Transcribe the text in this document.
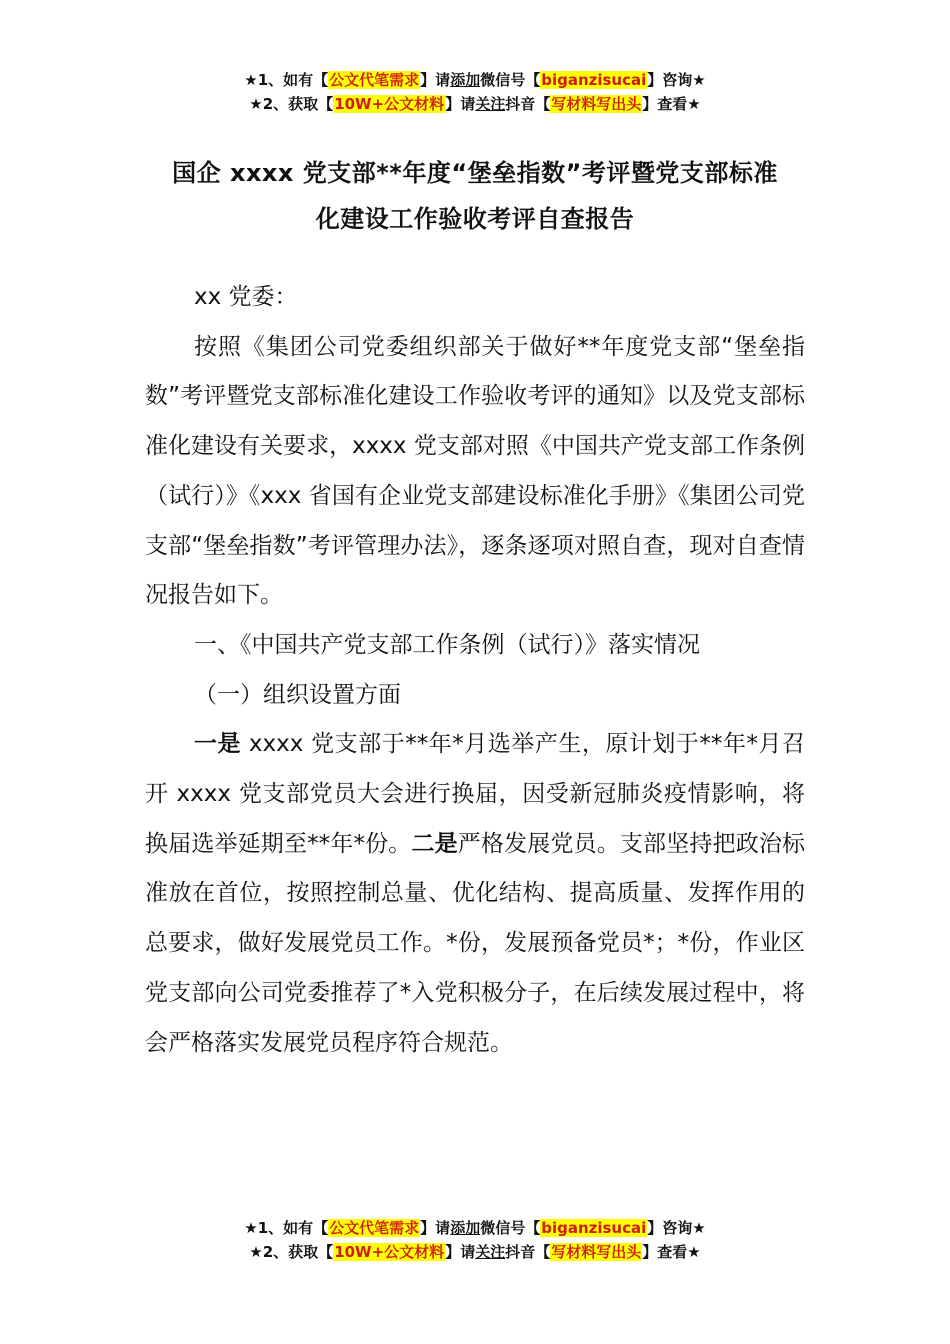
★1、如有【公文代笔需求】请添加微信号【biganzisucai】咨询★
★2、获取【10W+公文材料】请关注抖音【写材料写出头】查看★
国企 xxxx 党支部**年度“堡垒指数”考评暨党支部标准
化建设工作验收考评自查报告

xx 党委：

按照《集团公司党委组织部关于做好**年度党支部“堡垒指数”考评暨党支部标准化建设工作验收考评的通知》以及党支部标准化建设有关要求，xxxx 党支部对照《中国共产党支部工作条例（试行）》《xxx 省国有企业党支部建设标准化手册》《集团公司党支部“堡垒指数”考评管理办法》，逐条逐项对照自查，现对自查情况报告如下。

一、《中国共产党支部工作条例（试行）》落实情况

（一）组织设置方面

一是 xxxx 党支部于**年*月选举产生，原计划于**年*月召开 xxxx 党支部党员大会进行换届，因受新冠肺炎疫情影响，将换届选举延期至**年*份。二是严格发展党员。支部坚持把政治标准放在首位，按照控制总量、优化结构、提高质量、发挥作用的总要求，做好发展党员工作。*份，发展预备党员*；*份，作业区党支部向公司党委推荐了*入党积极分子，在后续发展过程中，将会严格落实发展党员程序符合规范。

★1、如有【公文代笔需求】请添加微信号【biganzisucai】咨询★
★2、获取【10W+公文材料】请关注抖音【写材料写出头】查看★
